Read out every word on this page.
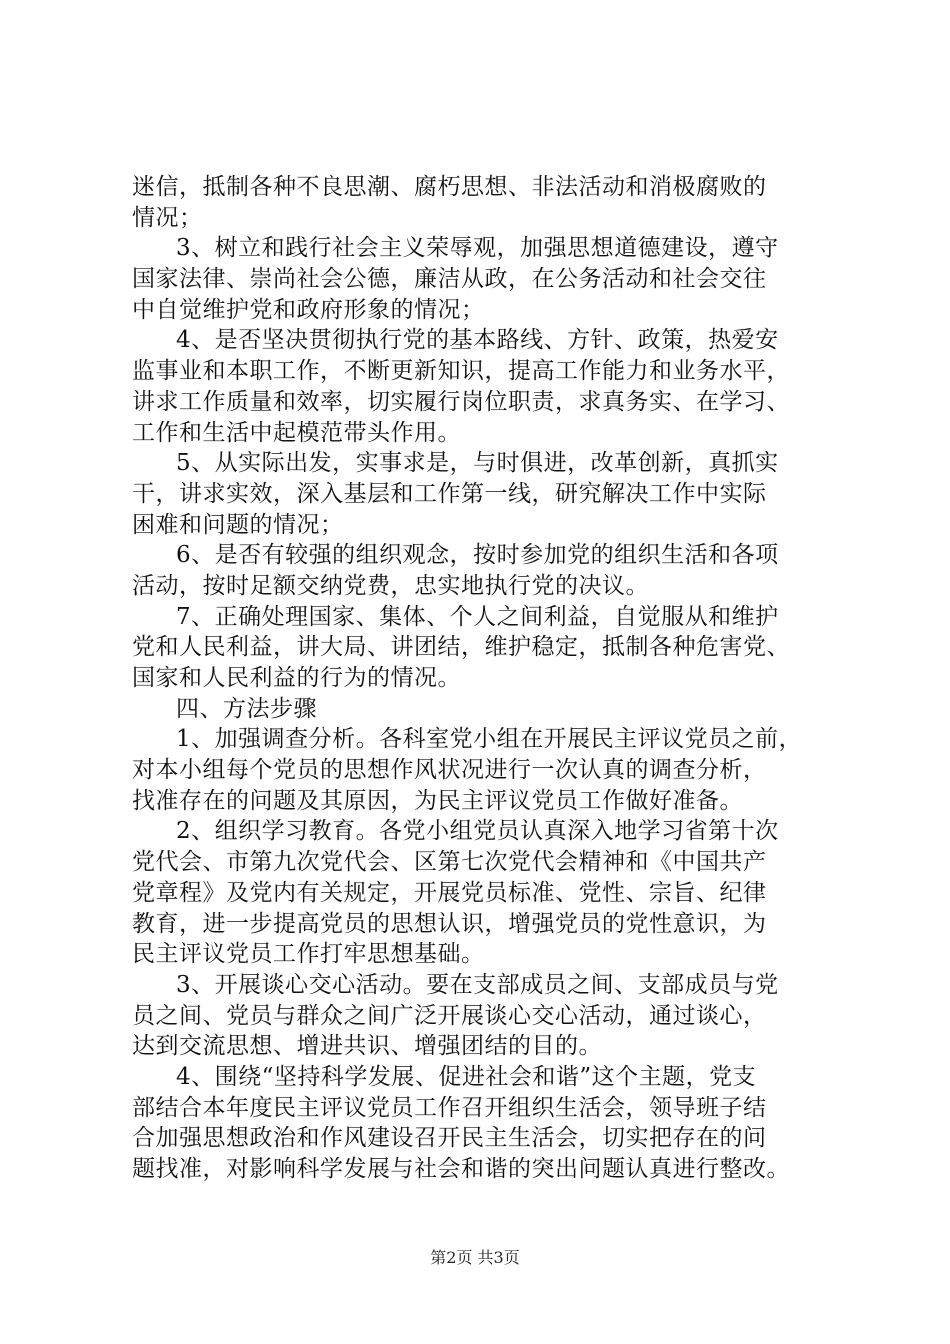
迷信，抵制各种不良思潮、腐朽思想、非法活动和消极腐败的
情况；
3、树立和践行社会主义荣辱观，加强思想道德建设，遵守
国家法律、崇尚社会公德，廉洁从政，在公务活动和社会交往
中自觉维护党和政府形象的情况；
4、是否坚决贯彻执行党的基本路线、方针、政策，热爱安
监事业和本职工作，不断更新知识，提高工作能力和业务水平，
讲求工作质量和效率，切实履行岗位职责，求真务实、在学习、
工作和生活中起模范带头作用。
5、从实际出发，实事求是，与时俱进，改革创新，真抓实
干，讲求实效，深入基层和工作第一线，研究解决工作中实际
困难和问题的情况；
6、是否有较强的组织观念，按时参加党的组织生活和各项
活动，按时足额交纳党费，忠实地执行党的决议。
7、正确处理国家、集体、个人之间利益，自觉服从和维护
党和人民利益，讲大局、讲团结，维护稳定，抵制各种危害党、
国家和人民利益的行为的情况。
四、方法步骤
1、加强调查分析。各科室党小组在开展民主评议党员之前，
对本小组每个党员的思想作风状况进行一次认真的调查分析，
找准存在的问题及其原因，为民主评议党员工作做好准备。
2、组织学习教育。各党小组党员认真深入地学习省第十次
党代会、市第九次党代会、区第七次党代会精神和《中国共产
党章程》及党内有关规定，开展党员标准、党性、宗旨、纪律
教育，进一步提高党员的思想认识，增强党员的党性意识，为
民主评议党员工作打牢思想基础。
3、开展谈心交心活动。要在支部成员之间、支部成员与党
员之间、党员与群众之间广泛开展谈心交心活动，通过谈心，
达到交流思想、增进共识、增强团结的目的。
4、围绕“坚持科学发展、促进社会和谐”这个主题，党支
部结合本年度民主评议党员工作召开组织生活会，领导班子结
合加强思想政治和作风建设召开民主生活会，切实把存在的问
题找准，对影响科学发展与社会和谐的突出问题认真进行整改。
第2页 共3页
